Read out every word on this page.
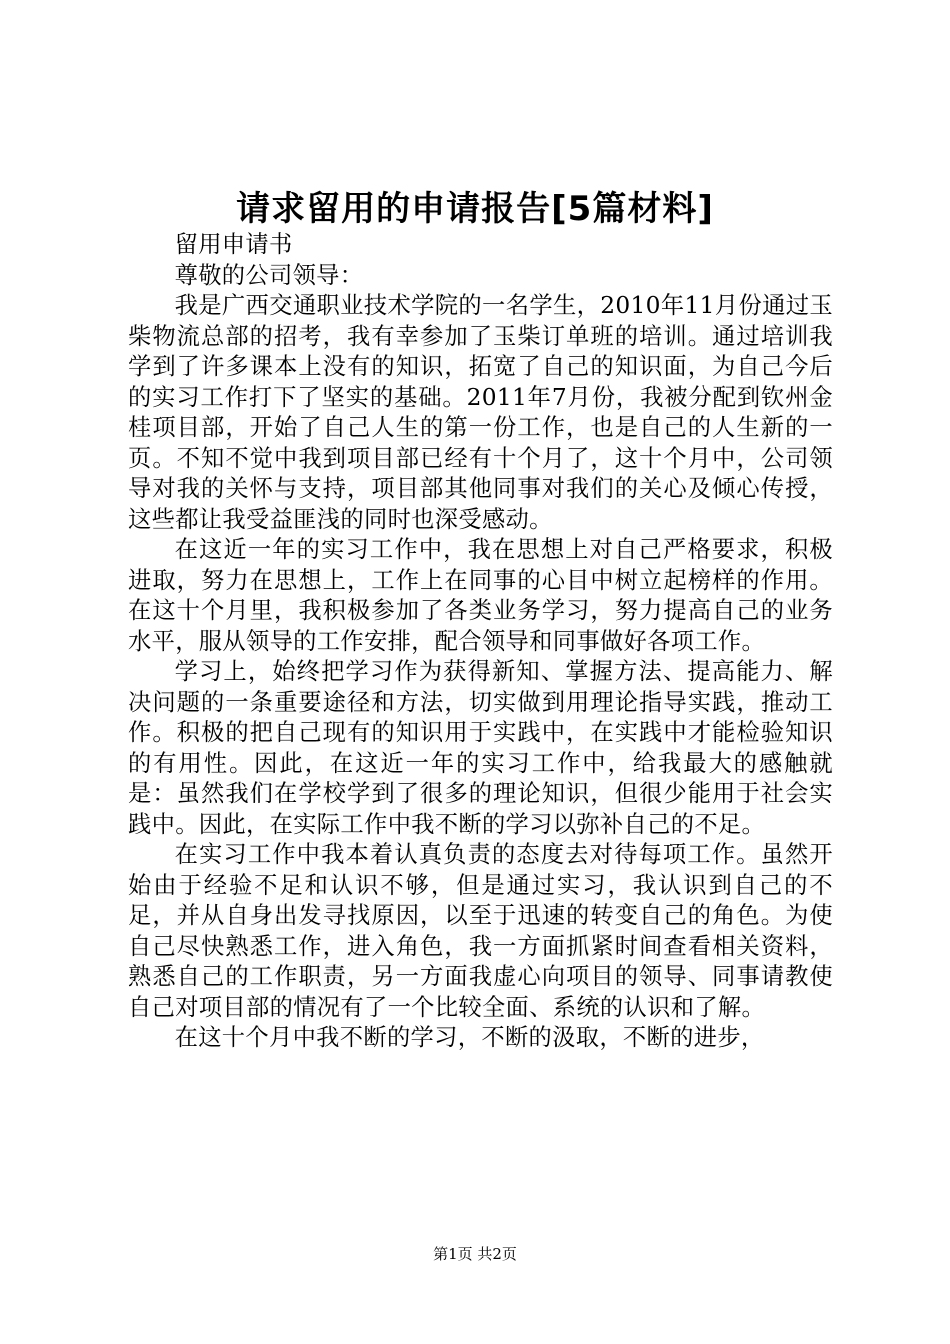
请求留用的申请报告[5篇材料]

留用申请书

尊敬的公司领导：

我是广西交通职业技术学院的一名学生，2010年11月份通过玉柴物流总部的招考，我有幸参加了玉柴订单班的培训。通过培训我学到了许多课本上没有的知识，拓宽了自己的知识面，为自己今后的实习工作打下了坚实的基础。2011年7月份，我被分配到钦州金桂项目部，开始了自己人生的第一份工作，也是自己的人生新的一页。不知不觉中我到项目部已经有十个月了，这十个月中，公司领导对我的关怀与支持，项目部其他同事对我们的关心及倾心传授，这些都让我受益匪浅的同时也深受感动。

在这近一年的实习工作中，我在思想上对自己严格要求，积极进取，努力在思想上，工作上在同事的心目中树立起榜样的作用。在这十个月里，我积极参加了各类业务学习，努力提高自己的业务水平，服从领导的工作安排，配合领导和同事做好各项工作。

学习上，始终把学习作为获得新知、掌握方法、提高能力、解决问题的一条重要途径和方法，切实做到用理论指导实践，推动工作。积极的把自己现有的知识用于实践中，在实践中才能检验知识的有用性。因此，在这近一年的实习工作中，给我最大的感触就是：虽然我们在学校学到了很多的理论知识，但很少能用于社会实践中。因此，在实际工作中我不断的学习以弥补自己的不足。

在实习工作中我本着认真负责的态度去对待每项工作。虽然开始由于经验不足和认识不够，但是通过实习，我认识到自己的不足，并从自身出发寻找原因，以至于迅速的转变自己的角色。为使自己尽快熟悉工作，进入角色，我一方面抓紧时间查看相关资料，熟悉自己的工作职责，另一方面我虚心向项目的领导、同事请教使自己对项目部的情况有了一个比较全面、系统的认识和了解。

在这十个月中我不断的学习，不断的汲取，不断的进步，

第1页 共2页
